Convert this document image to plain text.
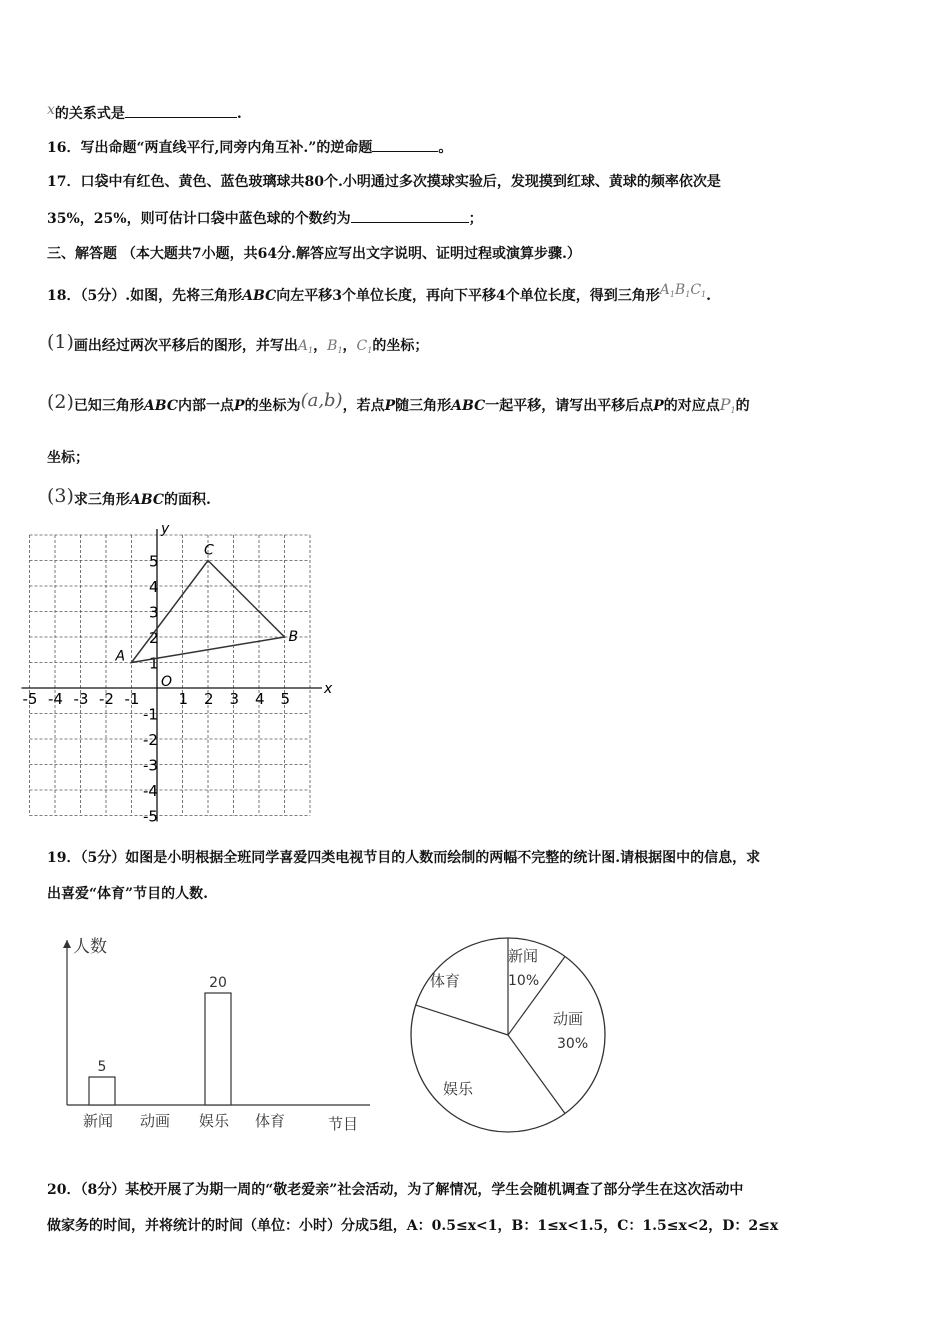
x的关系式是	.
16．写出命题“两直线平行,同旁内角互补.”的逆命题	。
17．口袋中有红色、黄色、蓝色玻璃球共80个.小明通过多次摸球实验后，发现摸到红球、黄球的频率依次是
35%，25%，则可估计口袋中蓝色球的个数约为	；
三、解答题 （本大题共7小题，共64分.解答应写出文字说明、证明过程或演算步骤.）
18．（5分）.如图，先将三角形ABC向左平移3个单位长度，再向下平移4个单位长度，得到三角形$A_1B_1C_1$.
(1)画出经过两次平移后的图形，并写出$A_1$，$B_1$，$C_1$的坐标；
(2)已知三角形ABC内部一点P的坐标为(a,b)，若点P随三角形ABC一起平移，请写出平移后点P的对应点$P_1$的
坐标；
(3)求三角形ABC的面积.
x
y
O
-5 -4 -3 -2 -1	1 2 3 4 5
5
4
3
2
1
-1
-2
-3
-4
-5
A
B
C
19．（5分）如图是小明根据全班同学喜爱四类电视节目的人数而绘制的两幅不完整的统计图.请根据图中的信息，求
出喜爱“体育”节目的人数.
人数
节目
新闻
5
动画 娱乐
20
体育
新闻
10%
动画
30%
娱乐
体育
20．（8分）某校开展了为期一周的“敬老爱亲”社会活动，为了解情况，学生会随机调查了部分学生在这次活动中
做家务的时间，并将统计的时间（单位：小时）分成5组，A：0.5≤x<1，B：1≤x<1.5，C：1.5≤x<2，D：2≤x
